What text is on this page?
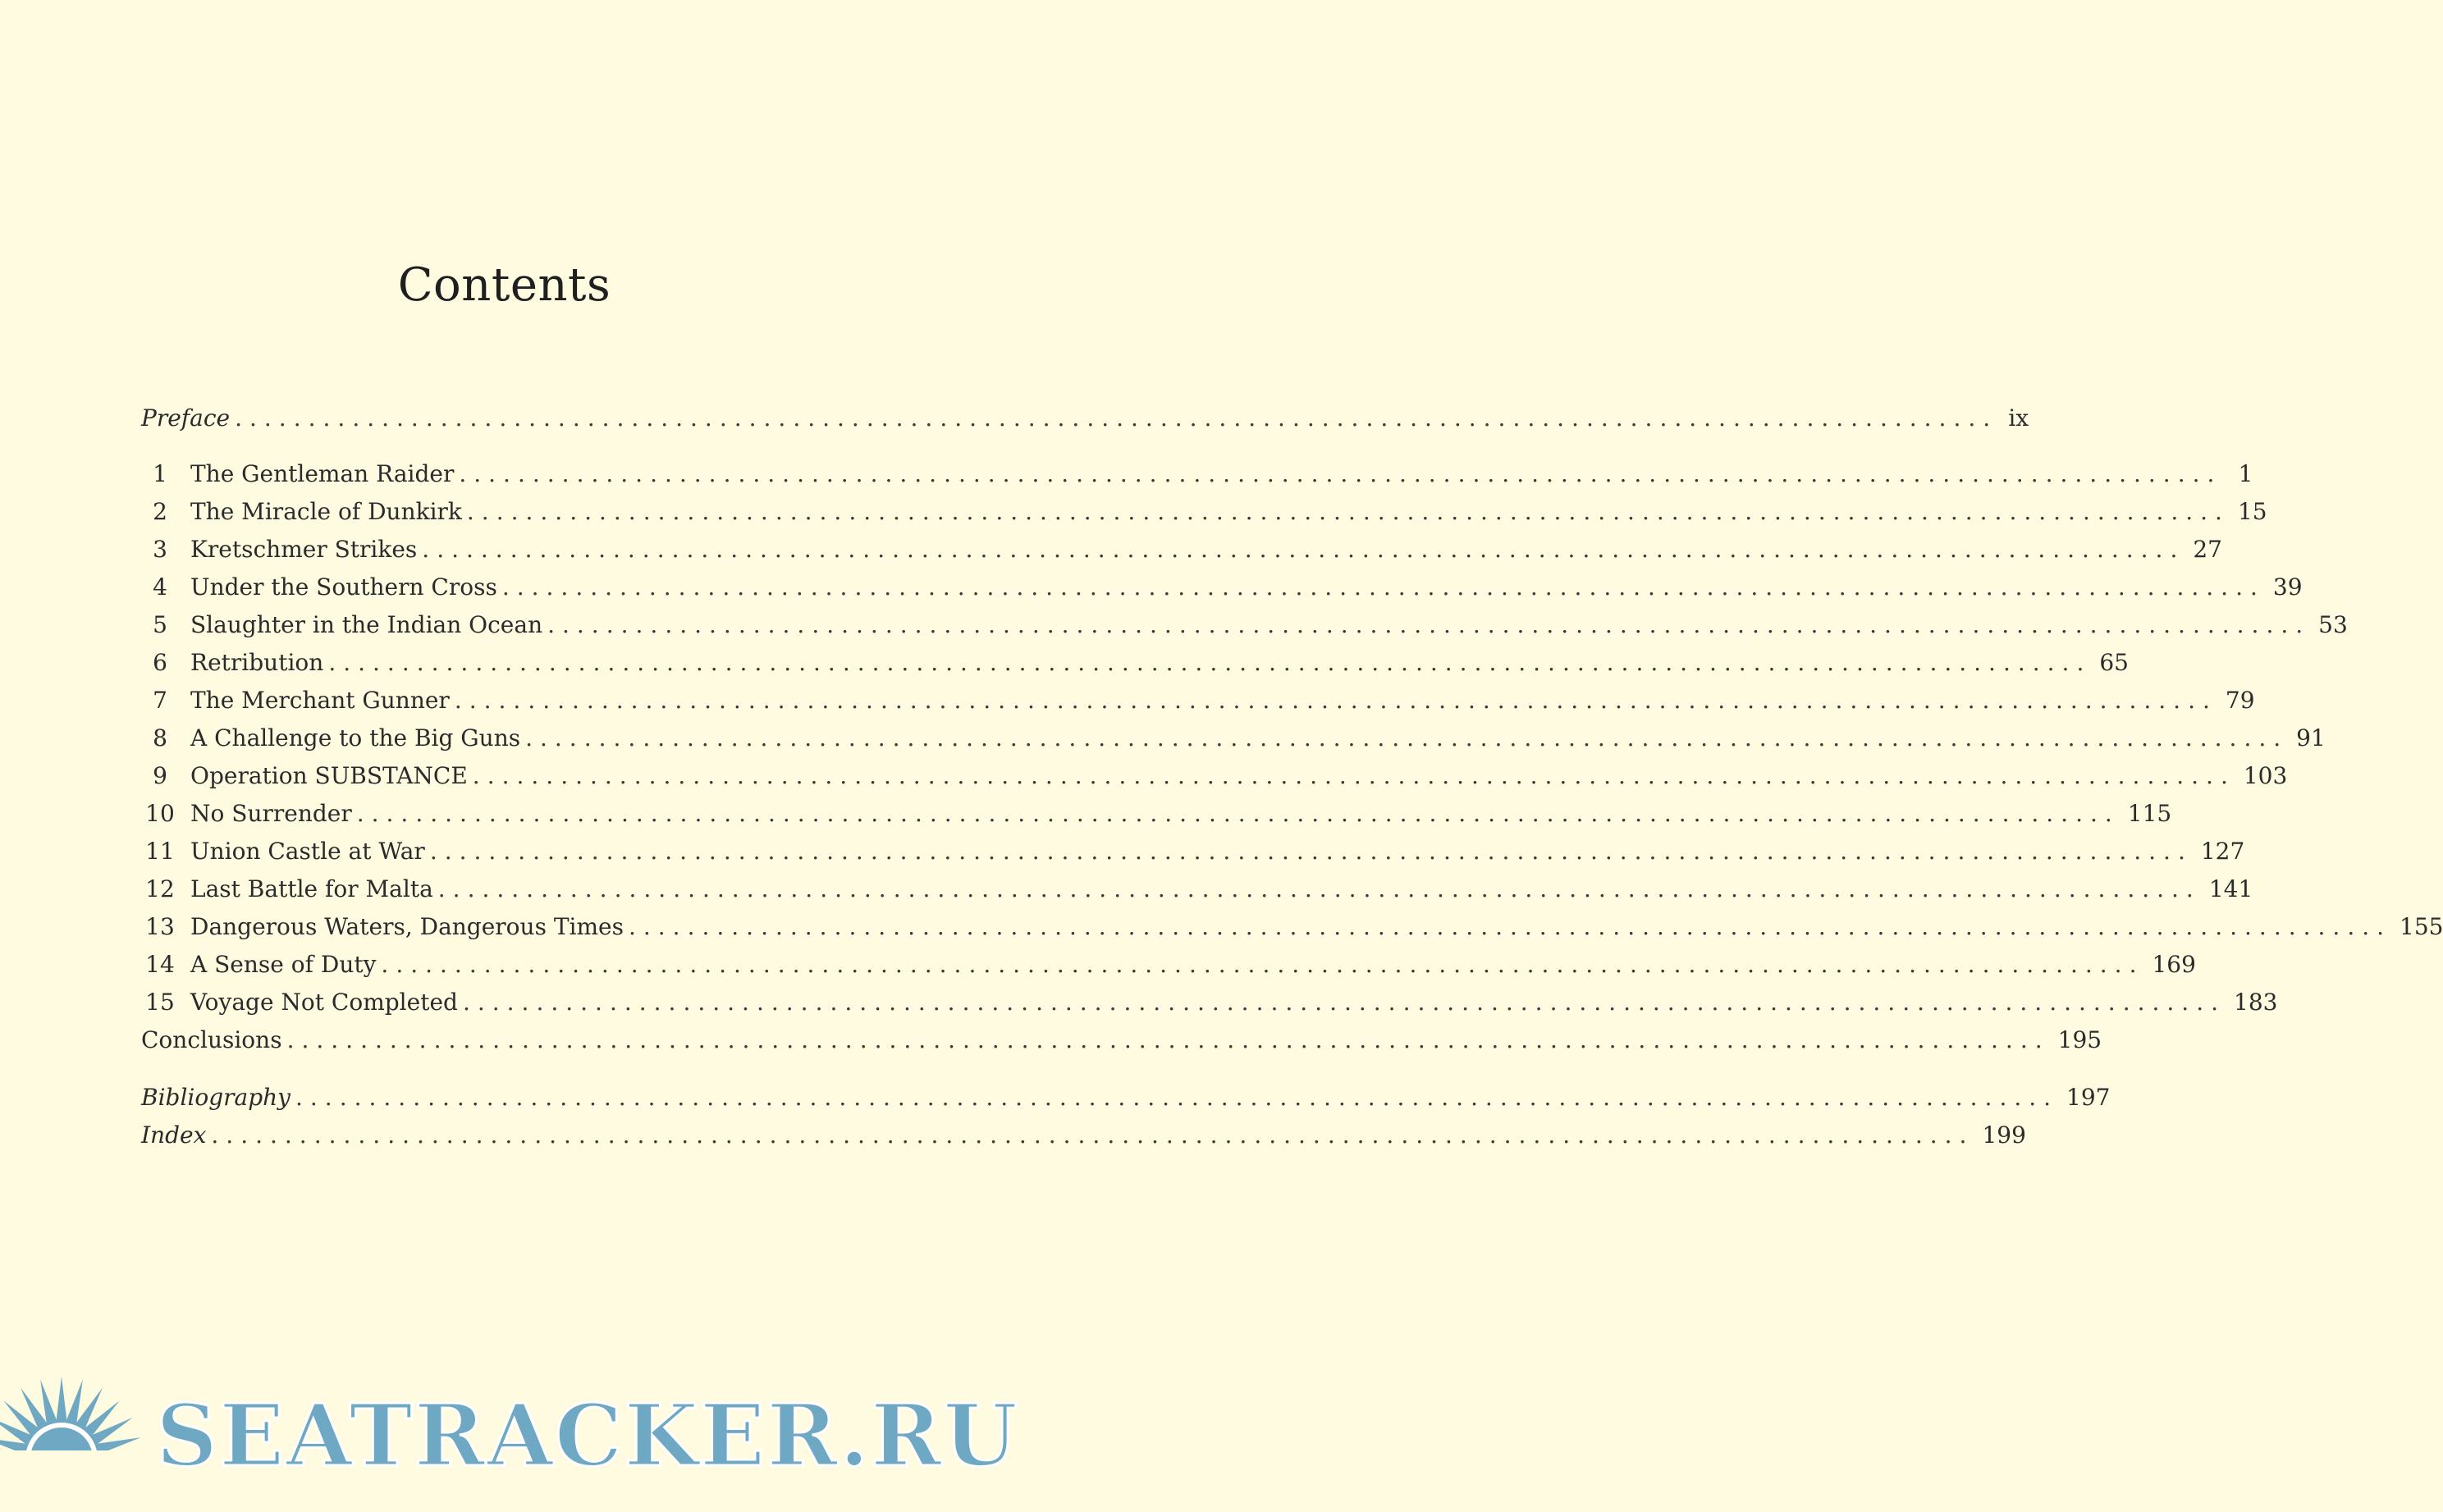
Contents
Preface ........................................................................................................................ ix
1	The Gentleman Raider ........................................................................................................................ 1
2	The Miracle of Dunkirk ........................................................................................................................ 15
3	Kretschmer Strikes ........................................................................................................................ 27
4	Under the Southern Cross ........................................................................................................................ 39
5	Slaughter in the Indian Ocean ........................................................................................................................ 53
6	Retribution ........................................................................................................................ 65
7	The Merchant Gunner ........................................................................................................................ 79
8	A Challenge to the Big Guns ........................................................................................................................ 91
9	Operation SUBSTANCE ........................................................................................................................ 103
10 No Surrender ........................................................................................................................ 115
11 Union Castle at War ........................................................................................................................ 127
12 Last Battle for Malta ........................................................................................................................ 141
13 Dangerous Waters, Dangerous Times ........................................................................................................................ 155
14 A Sense of Duty ........................................................................................................................ 169
15 Voyage Not Completed ........................................................................................................................ 183
Conclusions ........................................................................................................................ 195
Bibliography ........................................................................................................................ 197
Index ........................................................................................................................ 199
SEATRACKER.RU
